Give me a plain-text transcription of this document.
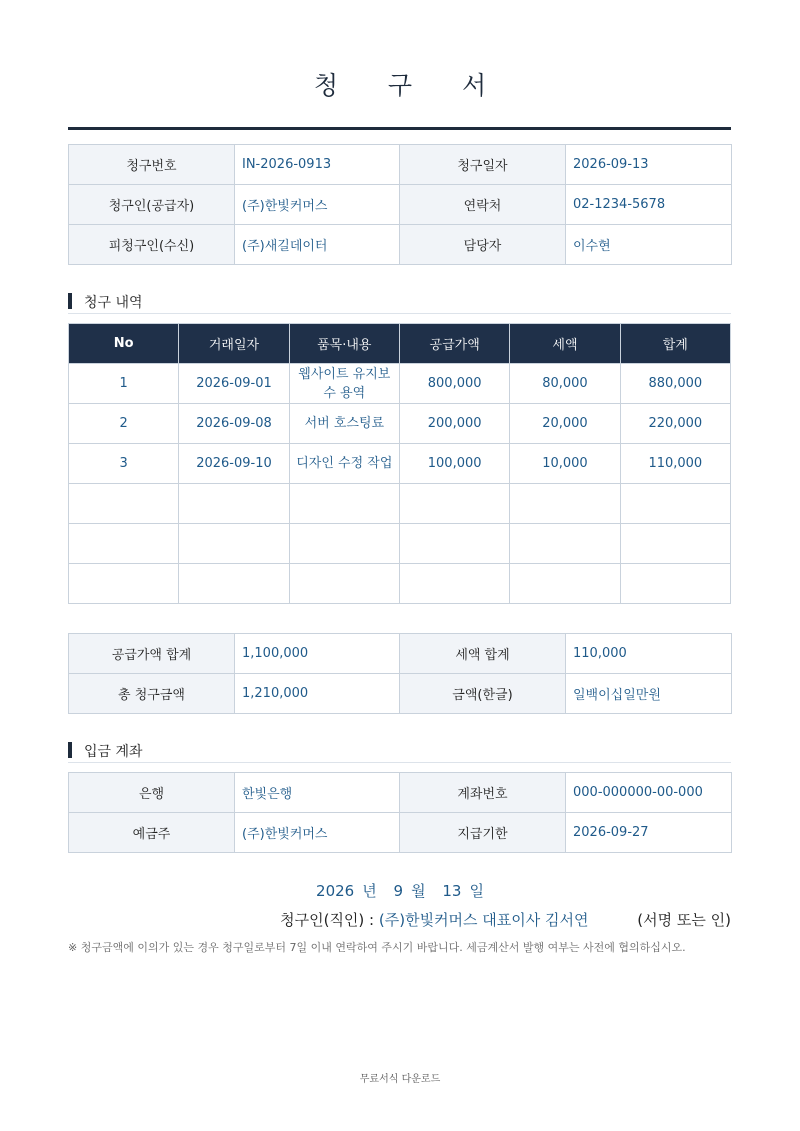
청 구 서
청구번호	IN-2026-0913	청구일자	2026-09-13
청구인(공급자)	(주)한빛커머스	연락처	02-1234-5678
피청구인(수신)	(주)새길데이터	담당자	이수현
청구 내역
No	거래일자	품목·내용	공급가액	세액	합계
1	2026-09-01	웹사이트 유지보수 용역	800,000	80,000	880,000
2	2026-09-08	서버 호스팅료	200,000	20,000	220,000
3	2026-09-10	디자인 수정 작업	100,000	10,000	110,000

공급가액 합계	1,100,000	세액 합계	110,000
총 청구금액	1,210,000	금액(한글)	일백이십일만원
입금 계좌
은행	한빛은행	계좌번호	000-000000-00-000
예금주	(주)한빛커머스	지급기한	2026-09-27
2026 년 9 월 13 일
청구인(직인) : (주)한빛커머스 대표이사 김서연	(서명 또는 인)
※ 청구금액에 이의가 있는 경우 청구일로부터 7일 이내 연락하여 주시기 바랍니다. 세금계산서 발행 여부는 사전에 협의하십시오.
무료서식 다운로드
